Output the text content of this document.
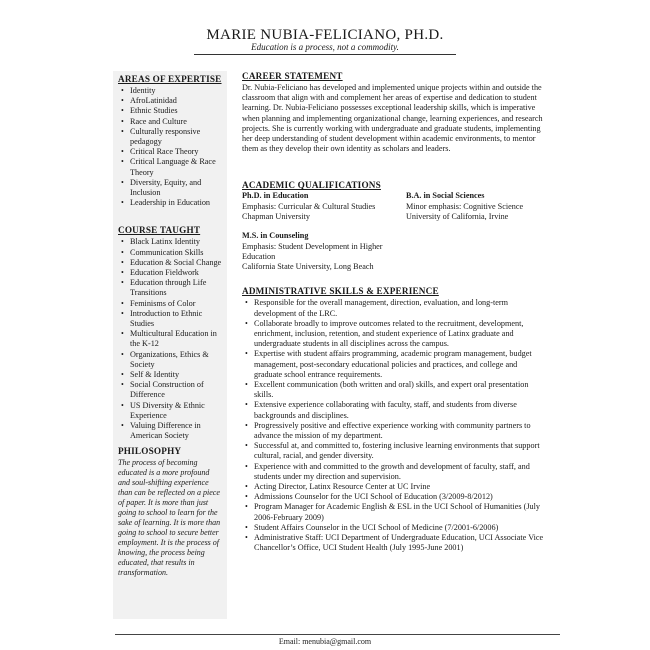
MARIE NUBIA-FELICIANO, PH.D.
Education is a process, not a commodity.
AREAS OF EXPERTISE
• Identity
• AfroLatinidad
• Ethnic Studies
• Race and Culture
• Culturally responsive pedagogy
• Critical Race Theory
• Critical Language & Race Theory
• Diversity, Equity, and Inclusion
• Leadership in Education
COURSE TAUGHT
• Black Latinx Identity
• Communication Skills
• Education & Social Change
• Education Fieldwork
• Education through Life Transitions
• Feminisms of Color
• Introduction to Ethnic Studies
• Multicultural Education in the K-12
• Organizations, Ethics & Society
• Self & Identity
• Social Construction of Difference
• US Diversity & Ethnic Experience
• Valuing Difference in American Society
PHILOSOPHY
The process of becoming educated is a more profound and soul-shifting experience than can be reflected on a piece of paper. It is more than just going to school to learn for the sake of learning. It is more than going to school to secure better employment. It is the process of knowing, the process being educated, that results in transformation.
CAREER STATEMENT

Dr. Nubia-Feliciano has developed and implemented unique projects within and outside the classroom that align with and complement her areas of expertise and dedication to student learning. Dr. Nubia-Feliciano possesses exceptional leadership skills, which is imperative when planning and implementing organizational change, learning experiences, and research projects. She is currently working with undergraduate and graduate students, implementing her deep understanding of student development within academic environments, to mentor them as they develop their own identity as scholars and leaders.

ACADEMIC QUALIFICATIONS
Ph.D. in Education
Emphasis: Curricular & Cultural Studies
Chapman University
B.A. in Social Sciences
Minor emphasis: Cognitive Science
University of California, Irvine
M.S. in Counseling
Emphasis: Student Development in Higher Education
California State University, Long Beach
ADMINISTRATIVE SKILLS & EXPERIENCE
• Responsible for the overall management, direction, evaluation, and long-term development of the LRC.
• Collaborate broadly to improve outcomes related to the recruitment, development, enrichment, inclusion, retention, and student experience of Latinx graduate and undergraduate students in all disciplines across the campus.
• Expertise with student affairs programming, academic program management, budget management, post-secondary educational policies and practices, and college and graduate school entrance requirements.
• Excellent communication (both written and oral) skills, and expert oral presentation skills.
• Extensive experience collaborating with faculty, staff, and students from diverse backgrounds and disciplines.
• Progressively positive and effective experience working with community partners to advance the mission of my department.
• Successful at, and committed to, fostering inclusive learning environments that support cultural, racial, and gender diversity.
• Experience with and committed to the growth and development of faculty, staff, and students under my direction and supervision.
• Acting Director, Latinx Resource Center at UC Irvine
• Admissions Counselor for the UCI School of Education (3/2009-8/2012)
• Program Manager for Academic English & ESL in the UCI School of Humanities (July 2006-February 2009)
• Student Affairs Counselor in the UCI School of Medicine (7/2001-6/2006)
• Administrative Staff: UCI Department of Undergraduate Education, UCI Associate Vice Chancellor’s Office, UCI Student Health (July 1995-June 2001)
Email: menubia@gmail.com
